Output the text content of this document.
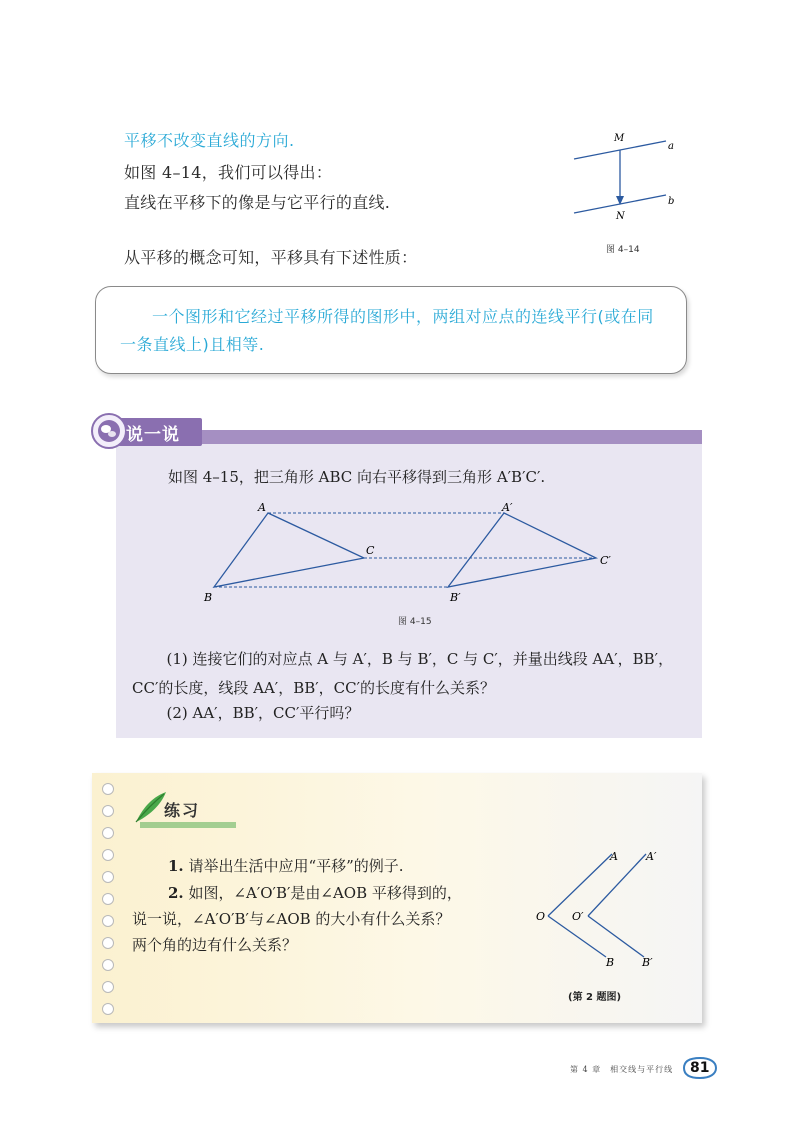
平移不改变直线的方向.
如图 4–14，我们可以得出：
直线在平移下的像是与它平行的直线.
从平移的概念可知，平移具有下述性质：
M
N
a
b
图 4–14
一个图形和它经过平移所得的图形中，两组对应点的连线平行(或在同一条直线上)且相等.
说一说
如图 4–15，把三角形 ABC 向右平移得到三角形 A′B′C′.
A
B
C
A′
B′
C′
图 4–15
(1) 连接它们的对应点 A 与 A′，B 与 B′，C 与 C′，并量出线段 AA′，BB′，CC′的长度，线段 AA′，BB′，CC′的长度有什么关系？
(2) AA′，BB′，CC′平行吗？
练习
1. 请举出生活中应用“平移”的例子.
2. 如图，∠A′O′B′是由∠AOB 平移得到的，
说一说，∠A′O′B′与∠AOB 的大小有什么关系？
两个角的边有什么关系？
O O′
A	A′
B	B′
(第 2 题图)
第 4 章　相交线与平行线 81
